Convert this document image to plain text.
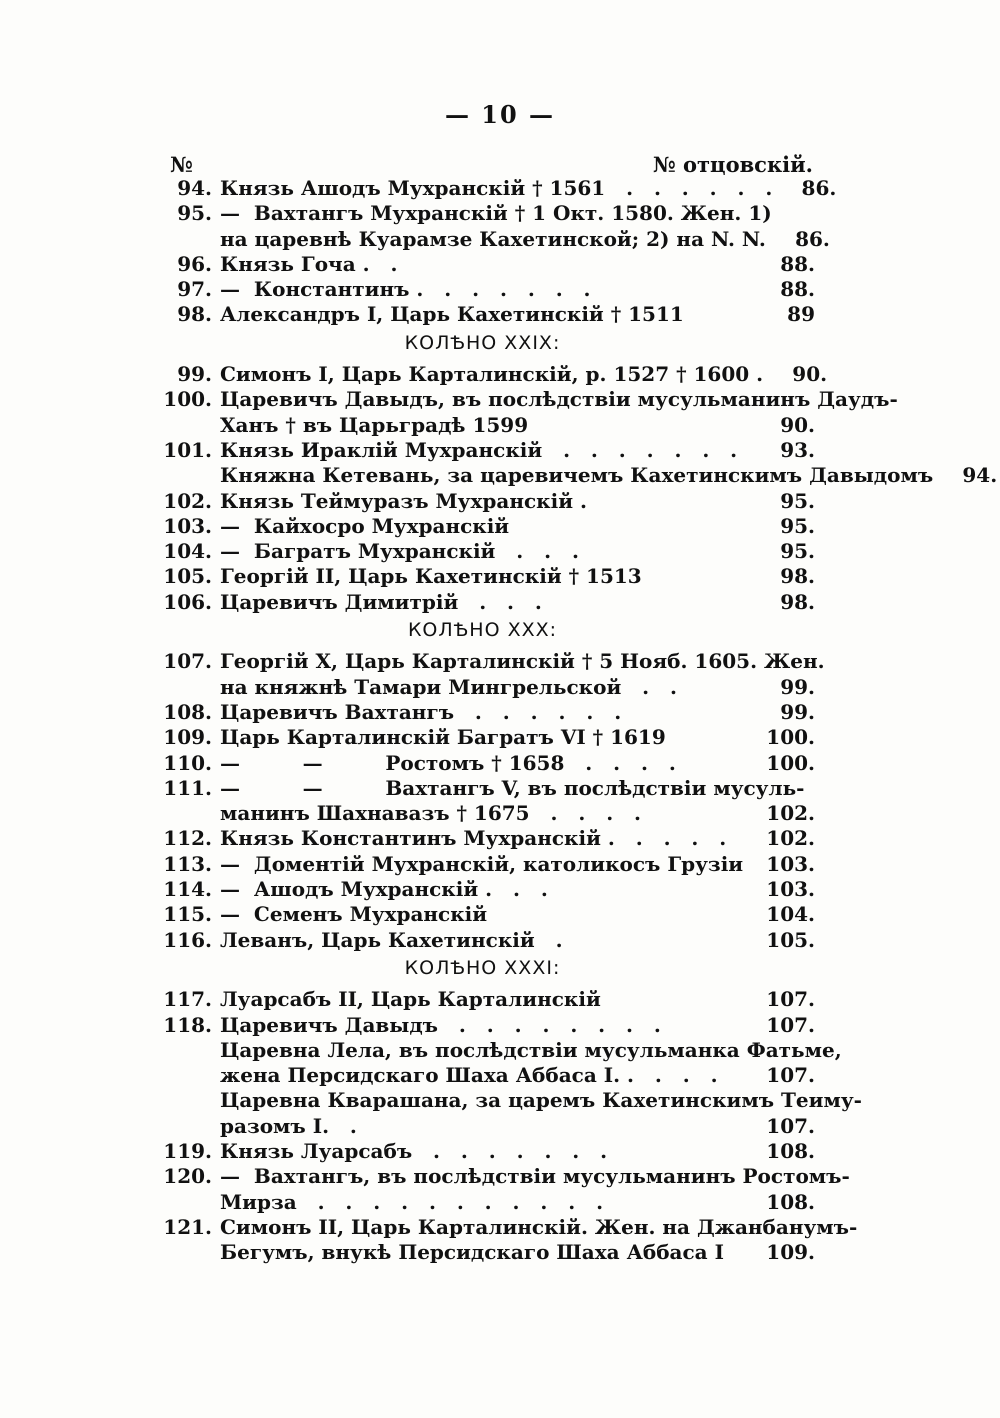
— 10 —
№	№ отцовскiй.
94. Князь Ашодъ Мухранскiй † 1561   .   .   .   .   .   .	86.
95. —  Вахтангъ Мухранскiй † 1 Окт. 1580. Жен. 1)
на царевнѣ Куарамзе Кахетинской; 2) на N. N.	86.
96. Князь Гоча .   .	88.
97. —  Константинъ .   .   .   .   .   .   .	88.
98. Александръ I, Царь Кахетинскiй † 1511	89
КОЛѢНО XXIX:
99. Симонъ I, Царь Карталинскiй, р. 1527 † 1600 .	90.
100. Царевичъ Давыдъ, въ послѣдствiи мусульманинъ Даудъ-
Ханъ † въ Царьградѣ 1599	90.
101. Князь Ираклiй Мухранскiй   .   .   .   .   .   .   .	93.
Княжна Кетевань, за царевичемъ Кахетинскимъ Давыдомъ	94.
102. Князь Теймуразъ Мухранскiй .	95.
103. —  Кайхосро Мухранскiй	95.
104. —  Багратъ Мухранскiй   .   .   .	95.
105. Георгiй II, Царь Кахетинскiй † 1513	98.
106. Царевичъ Димитрiй   .   .   .	98.
КОЛѢНО XXX:
107. Георгiй X, Царь Карталинскiй † 5 Нояб. 1605. Жен.
на княжнѣ Тамари Мингрельской   .   .	99.
108. Царевичъ Вахтангъ   .   .   .   .   .   .	99.
109. Царь Карталинскiй Багратъ VI † 1619	100.
110. —         —         Ростомъ † 1658   .   .   .   .	100.
111. —         —         Вахтангъ V, въ послѣдствiи мусуль-
манинъ Шахнавазъ † 1675   .   .   .   .	102.
112. Князь Константинъ Мухранскiй .   .   .   .   .	102.
113. —  Доментiй Мухранскiй, католикосъ Грузiи	103.
114. —  Ашодъ Мухранскiй .   .   .	103.
115. —  Семенъ Мухранскiй	104.
116. Леванъ, Царь Кахетинскiй   .	105.
КОЛѢНО XXXI:
117. Луарсабъ II, Царь Карталинскiй	107.
118. Царевичъ Давыдъ   .   .   .   .   .   .   .   .	107.
Царевна Лела, въ послѣдствiи мусульманка Фатьме,
жена Персидскаго Шаха Аббаса I. .   .   .   .	107.
Царевна Кварашана, за царемъ Кахетинскимъ Теиму-
разомъ I.   .	107.
119. Князь Луарсабъ   .   .   .   .   .   .   .	108.
120. —  Вахтангъ, въ послѣдствiи мусульманинъ Ростомъ-
Мирза   .   .   .   .   .   .   .   .   .   .   .	108.
121. Симонъ II, Царь Карталинскiй. Жен. на Джанбанумъ-
Бегумъ, внукѣ Персидскаго Шаха Аббаса I	109.
